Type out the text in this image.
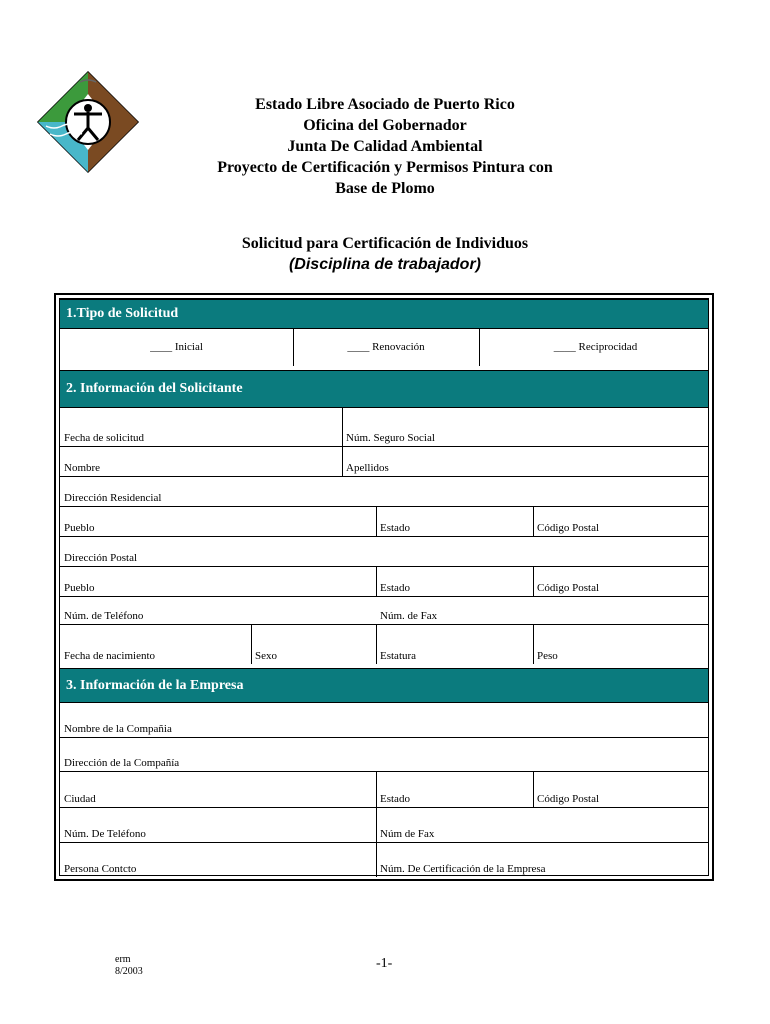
Estado Libre Asociado de Puerto Rico
Oficina del Gobernador
Junta De Calidad Ambiental
Proyecto de Certificación y Permisos Pintura con
Base de Plomo
Solicitud para Certificación de Individuos
(Disciplina de trabajador)
1.Tipo de Solicitud
____ Inicial	____ Renovación	____ Reciprocidad
2. Información del Solicitante
Fecha de solicitud	Núm. Seguro Social
Nombre	Apellidos
Dirección Residencial
Pueblo	Estado	Código Postal
Dirección Postal
Pueblo	Estado	Código Postal
Núm. de Teléfono	Núm. de Fax
Fecha de nacimiento	Sexo	Estatura	Peso
3. Información de la Empresa
Nombre de la Compañia
Dirección de la Compañía
Ciudad	Estado	Código Postal
Núm. De Teléfono	Núm de Fax
Persona Contcto	Núm. De Certificación de la Empresa
erm
8/2003
-1-
